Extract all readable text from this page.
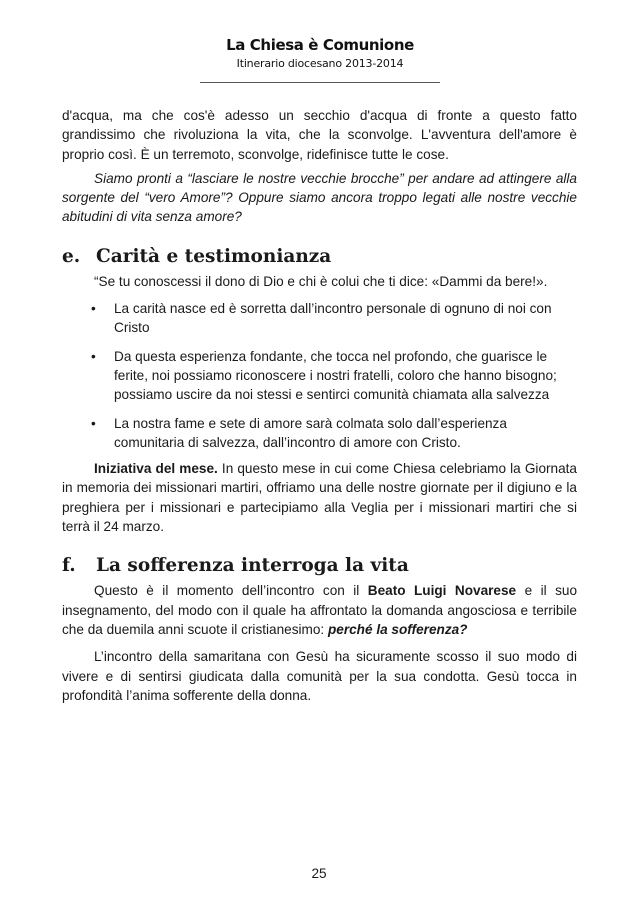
La Chiesa è Comunione
Itinerario diocesano 2013-2014

d'acqua, ma che cos'è adesso un secchio d'acqua di fronte a questo fatto grandissimo che rivoluziona la vita, che la sconvolge. L'avventura dell'amore è proprio così. È un terremoto, sconvolge, ridefinisce tutte le cose.

Siamo pronti a “lasciare le nostre vecchie brocche” per andare ad attingere alla sorgente del “vero Amore”? Oppure siamo ancora troppo legati alle nostre vecchie abitudini di vita senza amore?

e. Carità e testimonianza

“Se tu conoscessi il dono di Dio e chi è colui che ti dice: «Dammi da bere!».

• La carità nasce ed è sorretta dall’incontro personale di ognuno di noi con Cristo
• Da questa esperienza fondante, che tocca nel profondo, che guarisce le ferite, noi possiamo riconoscere i nostri fratelli, coloro che hanno bisogno; possiamo uscire da noi stessi e sentirci comunità chiamata alla salvezza
• La nostra fame e sete di amore sarà colmata solo dall’esperienza comunitaria di salvezza, dall’incontro di amore con Cristo.

Iniziativa del mese. In questo mese in cui come Chiesa celebriamo la Giornata in memoria dei missionari martiri, offriamo una delle nostre giornate per il digiuno e la preghiera per i missionari e partecipiamo alla Veglia per i missionari martiri che si terrà il 24 marzo.

f. La sofferenza interroga la vita

Questo è il momento dell’incontro con il Beato Luigi Novarese e il suo insegnamento, del modo con il quale ha affrontato la domanda angosciosa e terribile che da duemila anni scuote il cristianesimo: perché la sofferenza?

L’incontro della samaritana con Gesù ha sicuramente scosso il suo modo di vivere e di sentirsi giudicata dalla comunità per la sua condotta. Gesù tocca in profondità l’anima sofferente della donna.

25
